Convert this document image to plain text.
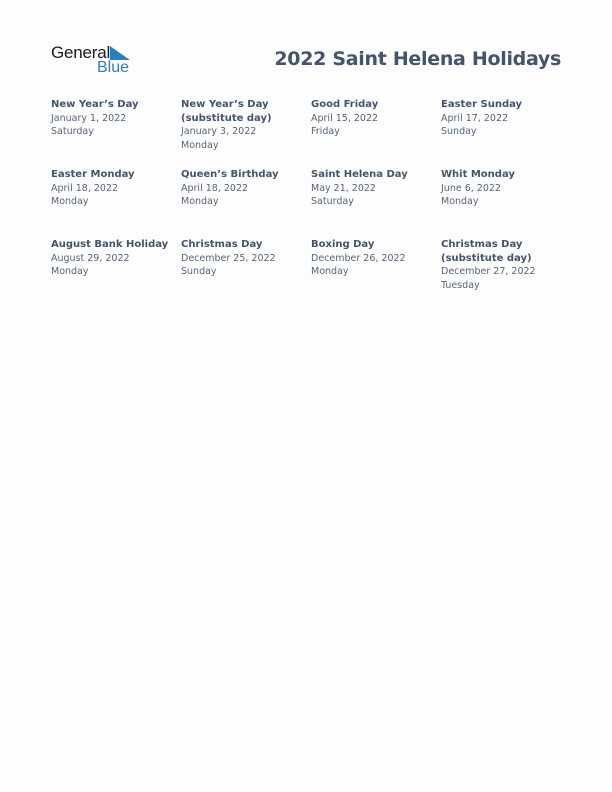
General
Blue	2022 Saint Helena Holidays
New Year’s Day
January 1, 2022
Saturday
New Year’s Day
(substitute day)
January 3, 2022
Monday
Good Friday
April 15, 2022
Friday
Easter Sunday
April 17, 2022
Sunday
Easter Monday
April 18, 2022
Monday
Queen’s Birthday
April 18, 2022
Monday
Saint Helena Day
May 21, 2022
Saturday
Whit Monday
June 6, 2022
Monday
August Bank Holiday
August 29, 2022
Monday
Christmas Day
December 25, 2022
Sunday
Boxing Day
December 26, 2022
Monday
Christmas Day
(substitute day)
December 27, 2022
Tuesday
